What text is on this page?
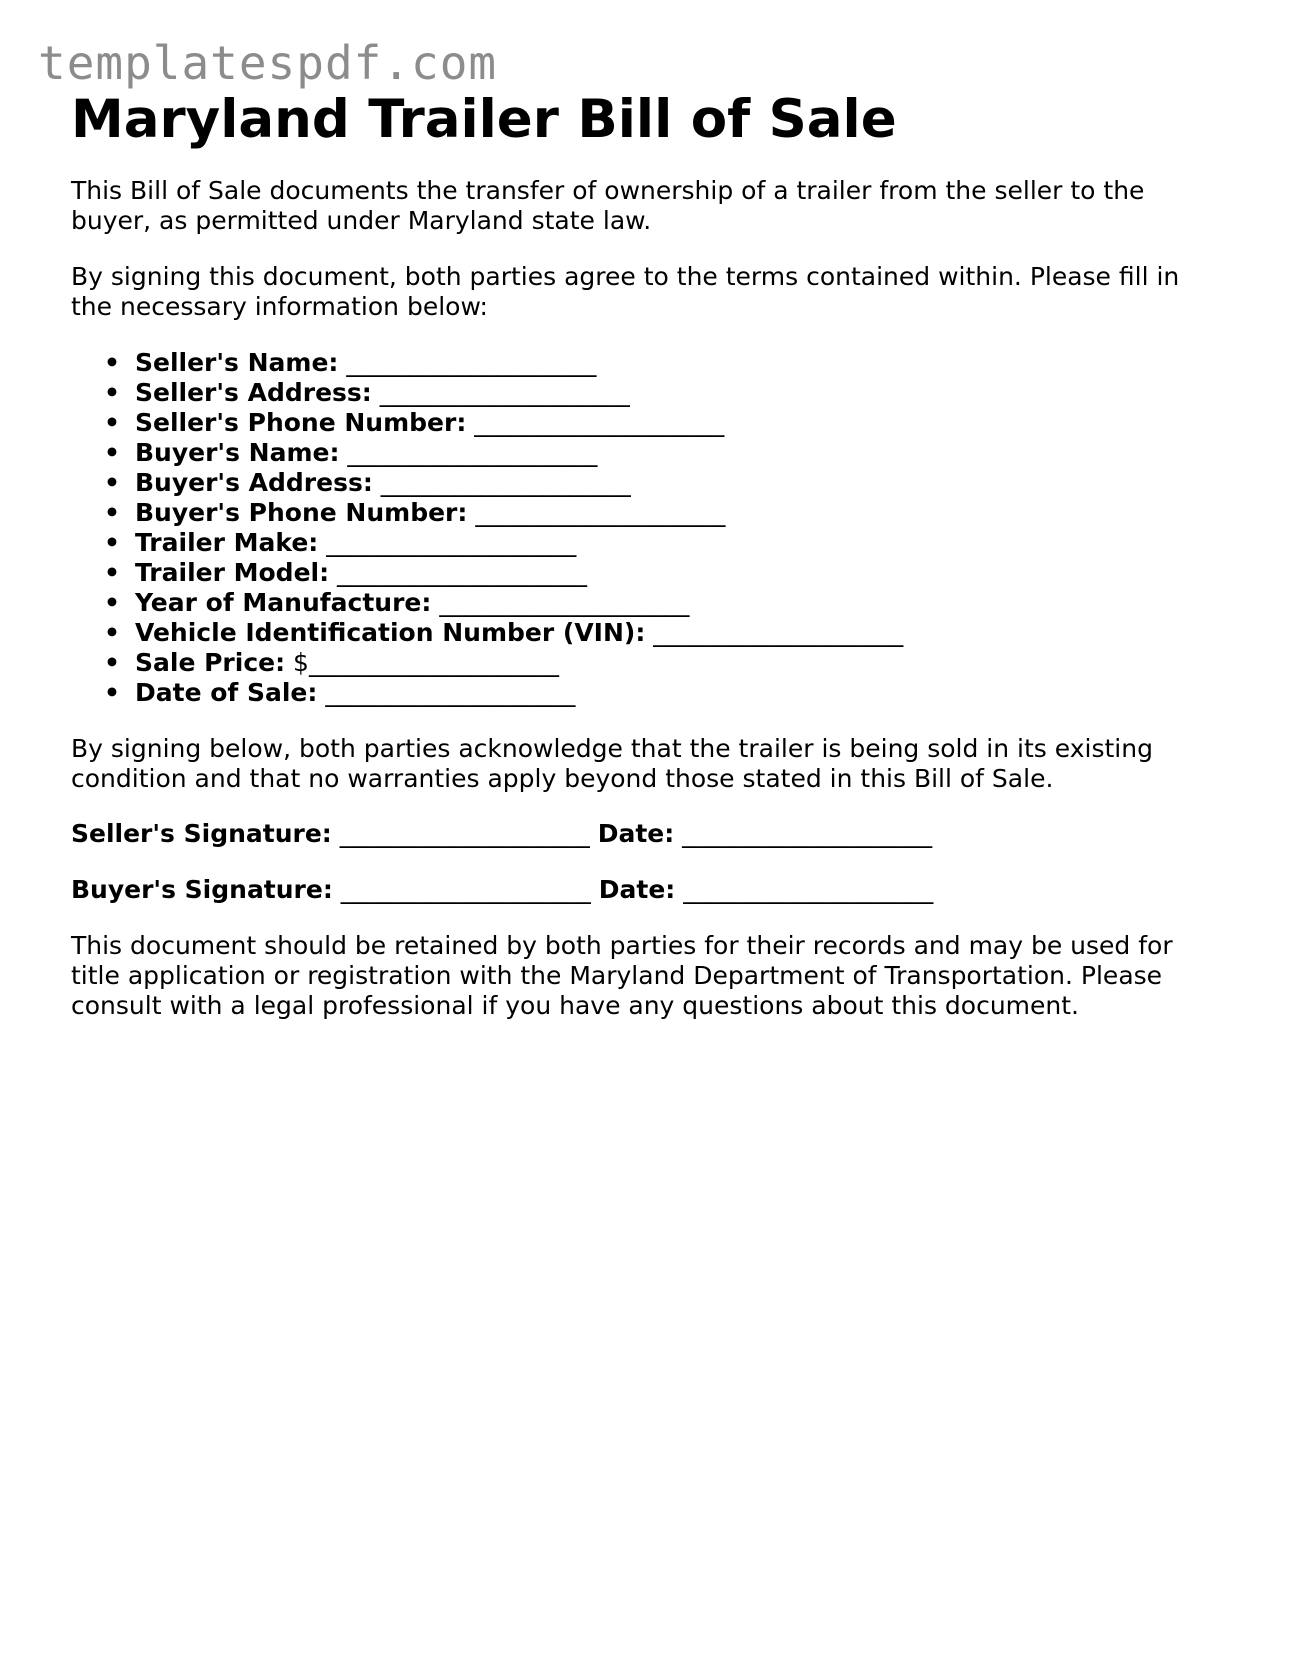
templatespdf.com
Maryland Trailer Bill of Sale

This Bill of Sale documents the transfer of ownership of a trailer from the seller to the buyer, as permitted under Maryland state law.

By signing this document, both parties agree to the terms contained within. Please fill in the necessary information below:

• Seller's Name: ____________________
• Seller's Address: ____________________
• Seller's Phone Number: ____________________
• Buyer's Name: ____________________
• Buyer's Address: ____________________
• Buyer's Phone Number: ____________________
• Trailer Make: ____________________
• Trailer Model: ____________________
• Year of Manufacture: ____________________
• Vehicle Identification Number (VIN): ____________________
• Sale Price: $____________________
• Date of Sale: ____________________

By signing below, both parties acknowledge that the trailer is being sold in its existing condition and that no warranties apply beyond those stated in this Bill of Sale.

Seller's Signature: ____________________ Date: ____________________
Buyer's Signature: ____________________ Date: ____________________

This document should be retained by both parties for their records and may be used for title application or registration with the Maryland Department of Transportation. Please consult with a legal professional if you have any questions about this document.
